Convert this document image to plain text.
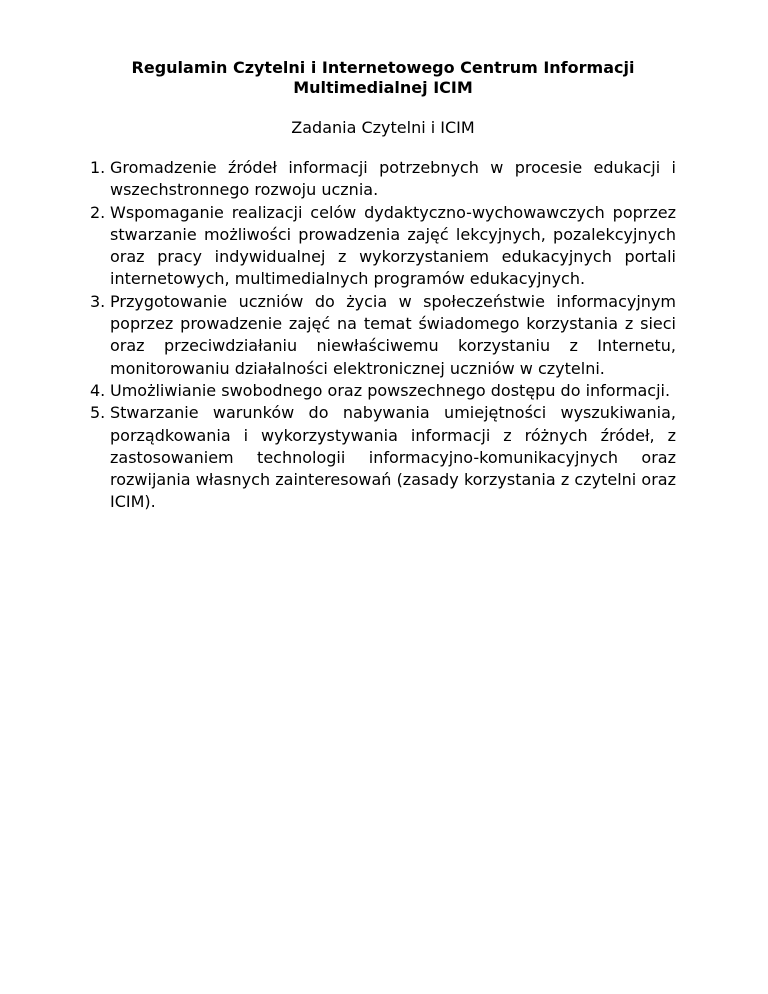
Regulamin Czytelni i Internetowego Centrum Informacji
Multimedialnej ICIM

Zadania Czytelni i ICIM

1. Gromadzenie źródeł informacji potrzebnych w procesie edukacji i wszechstronnego rozwoju ucznia.
2. Wspomaganie realizacji celów dydaktyczno-wychowawczych poprzez stwarzanie możliwości prowadzenia zajęć lekcyjnych, pozalekcyjnych oraz pracy indywidualnej z wykorzystaniem edukacyjnych portali internetowych, multimedialnych programów edukacyjnych.
3. Przygotowanie uczniów do życia w społeczeństwie informacyjnym poprzez prowadzenie zajęć na temat świadomego korzystania z sieci oraz przeciwdziałaniu niewłaściwemu korzystaniu z Internetu, monitorowaniu działalności elektronicznej uczniów w czytelni.
4. Umożliwianie swobodnego oraz powszechnego dostępu do informacji.
5. Stwarzanie warunków do nabywania umiejętności wyszukiwania, porządkowania i wykorzystywania informacji z różnych źródeł, z zastosowaniem technologii informacyjno-komunikacyjnych oraz rozwijania własnych zainteresowań (zasady korzystania z czytelni oraz ICIM).
